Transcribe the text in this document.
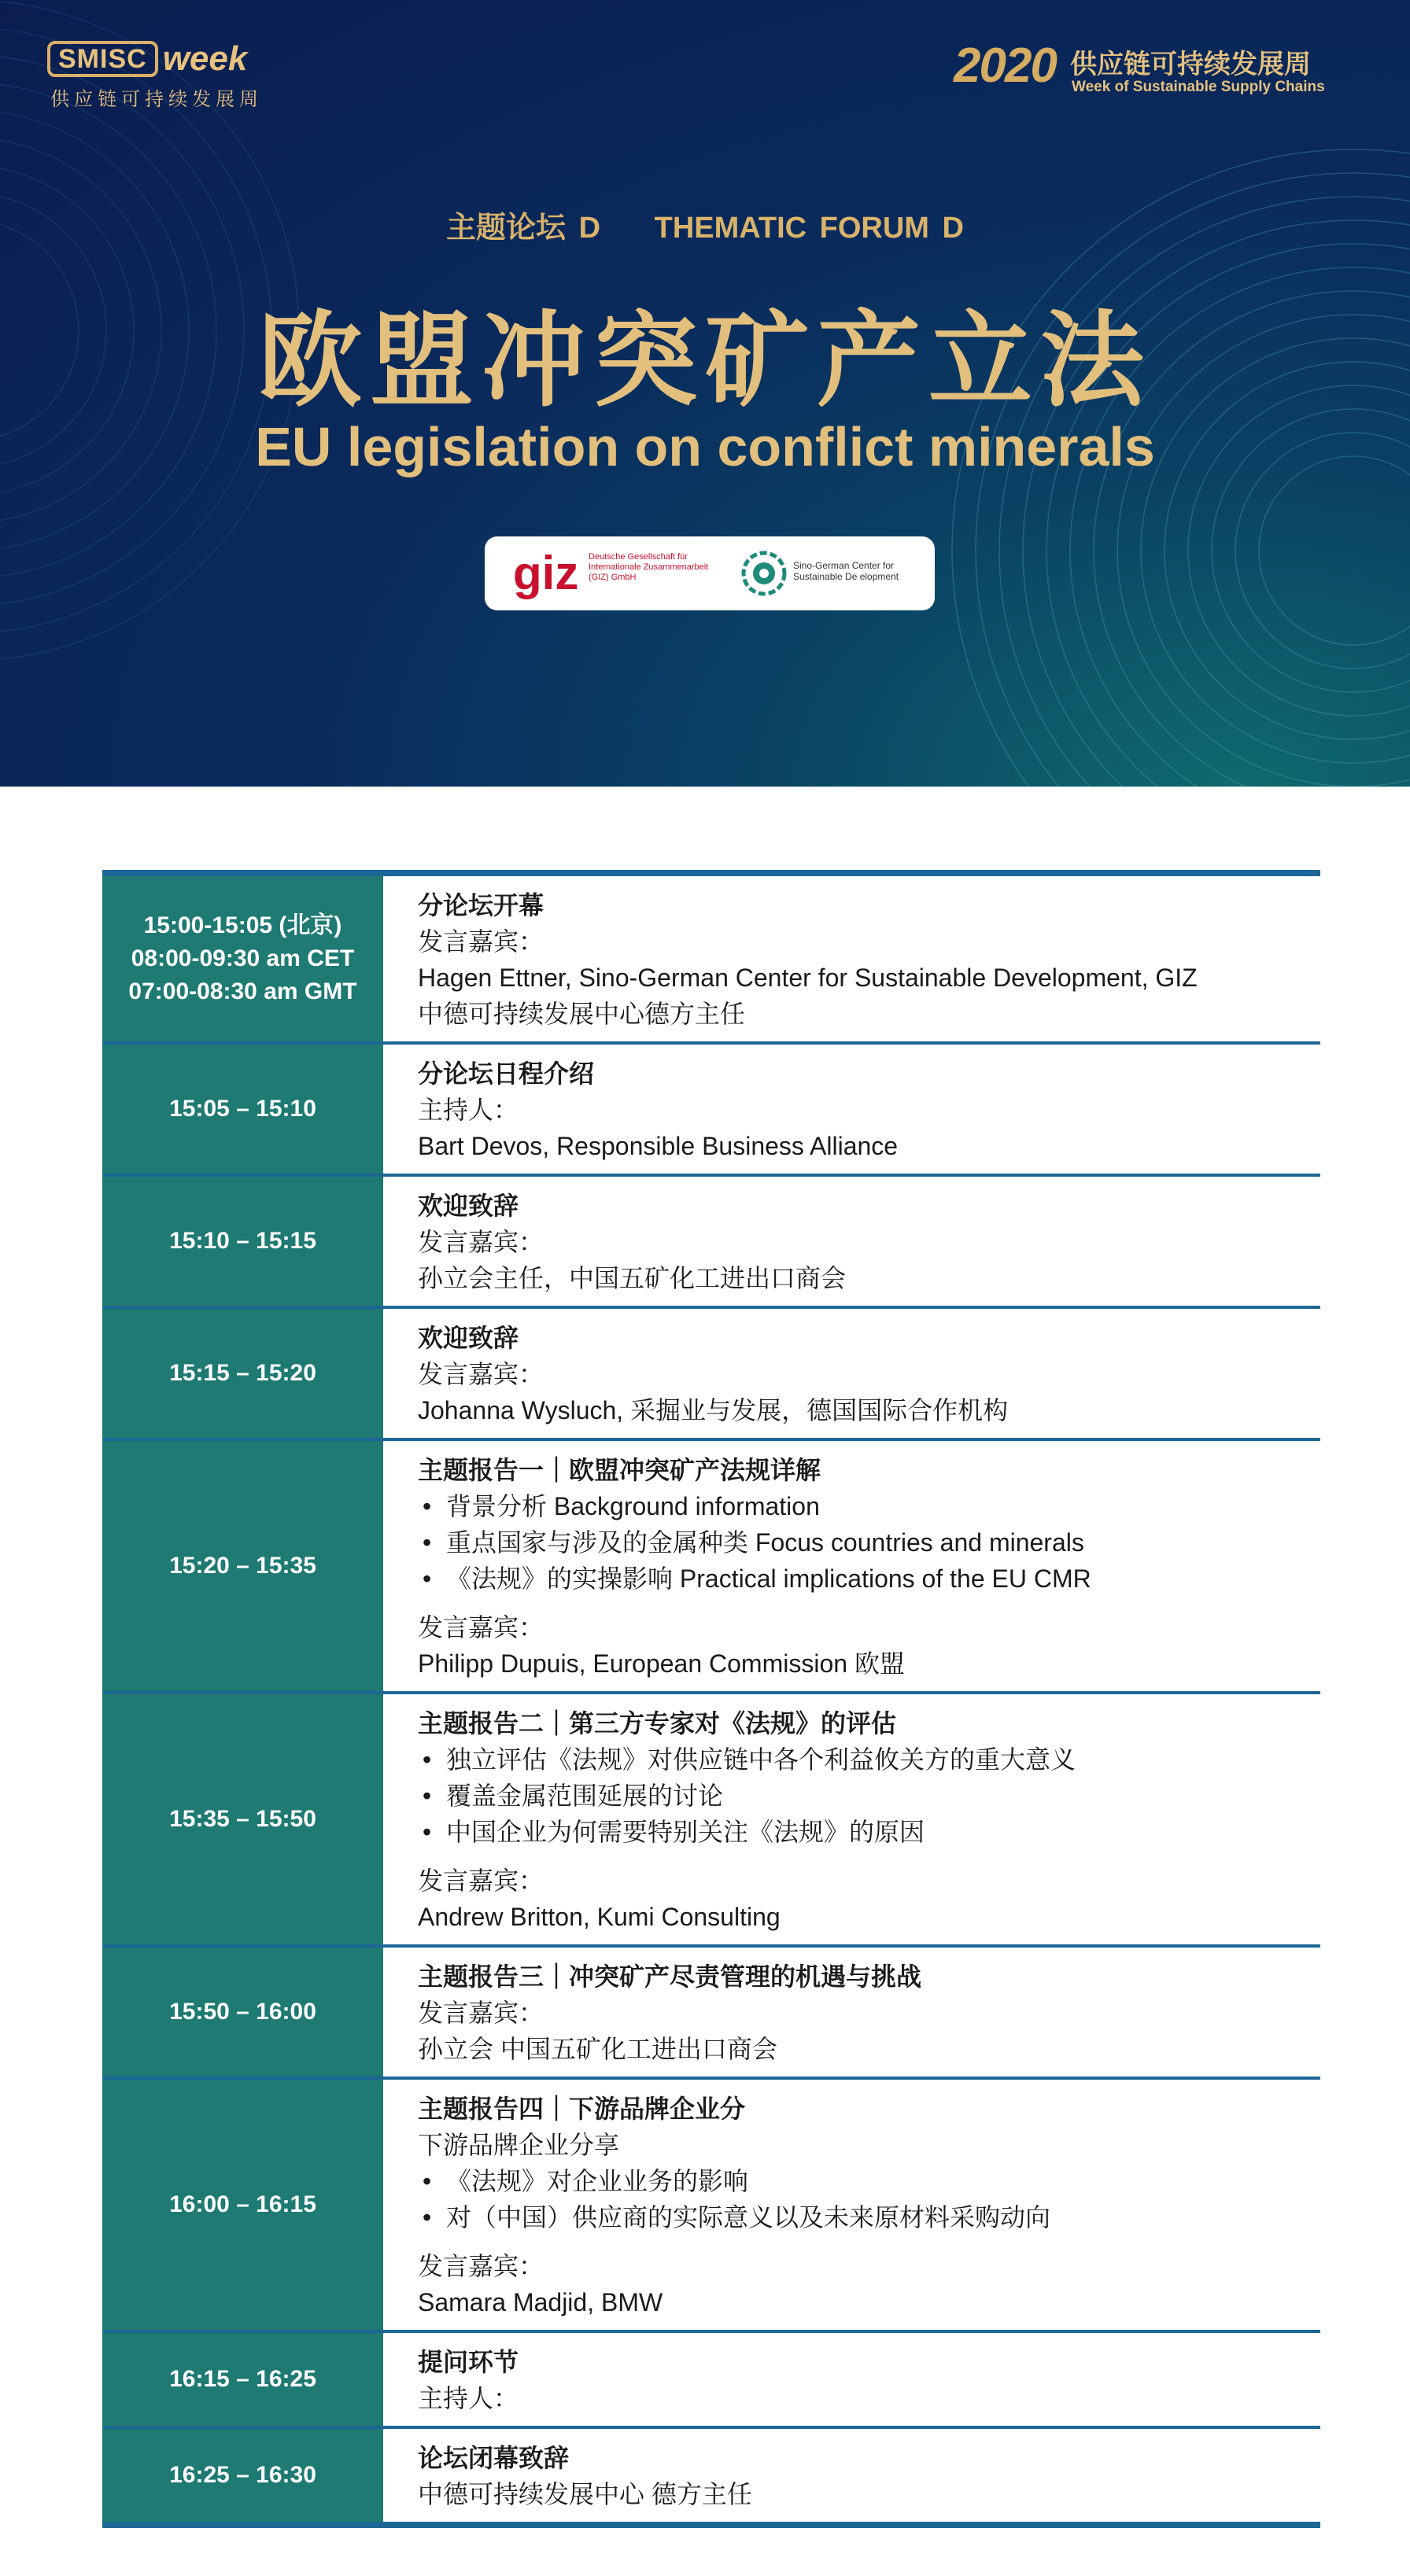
SMISC week
供应链可持续发展周
2020 供应链可持续发展周
Week of Sustainable Supply Chains
主题论坛 D THEMATIC FORUM D
欧盟冲突矿产立法
EU legislation on conflict minerals
giz Deutsche Gesellschaft für Internationale Zusammenarbeit (GIZ) GmbH
Sino-German Center for Sustainable De elopment
15:00-15:05 (北京)
08:00-09:30 am CET
07:00-08:30 am GMT
分论坛开幕
发言嘉宾：
Hagen Ettner, Sino-German Center for Sustainable Development, GIZ
中德可持续发展中心德方主任
15:05 – 15:10
分论坛日程介绍
主持人：
Bart Devos, Responsible Business Alliance
15:10 – 15:15
欢迎致辞
发言嘉宾：
孙立会主任，中国五矿化工进出口商会
15:15 – 15:20
欢迎致辞
发言嘉宾：
Johanna Wysluch, 采掘业与发展，德国国际合作机构
15:20 – 15:35
主题报告一｜欧盟冲突矿产法规详解
• 背景分析 Background information
• 重点国家与涉及的金属种类 Focus countries and minerals
• 《法规》的实操影响 Practical implications of the EU CMR
发言嘉宾：
Philipp Dupuis, European Commission 欧盟
15:35 – 15:50
主题报告二｜第三方专家对《法规》的评估
• 独立评估《法规》对供应链中各个利益攸关方的重大意义
• 覆盖金属范围延展的讨论
• 中国企业为何需要特别关注《法规》的原因
发言嘉宾：
Andrew Britton, Kumi Consulting
15:50 – 16:00
主题报告三｜冲突矿产尽责管理的机遇与挑战
发言嘉宾：
孙立会 中国五矿化工进出口商会
16:00 – 16:15
主题报告四｜下游品牌企业分
下游品牌企业分享
• 《法规》对企业业务的影响
• 对（中国）供应商的实际意义以及未来原材料采购动向
发言嘉宾：
Samara Madjid, BMW
16:15 – 16:25
提问环节
主持人：
16:25 – 16:30
论坛闭幕致辞
中德可持续发展中心 德方主任
